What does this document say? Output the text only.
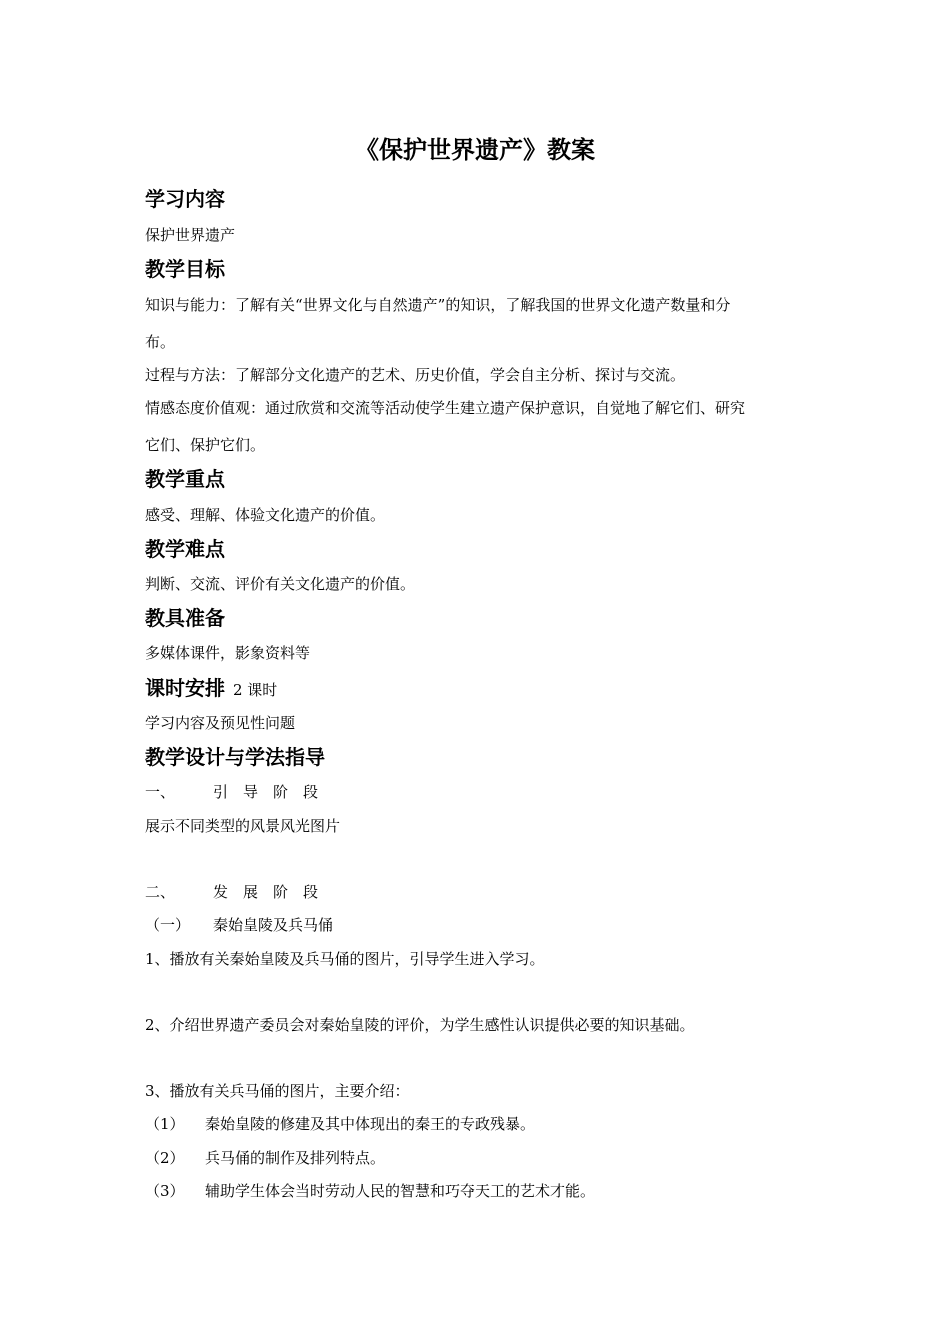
《保护世界遗产》教案
学习内容
保护世界遗产
教学目标
知识与能力：了解有关“世界文化与自然遗产”的知识，了解我国的世界文化遗产数量和分
布。
过程与方法：了解部分文化遗产的艺术、历史价值，学会自主分析、探讨与交流。
情感态度价值观：通过欣赏和交流等活动使学生建立遗产保护意识，自觉地了解它们、研究
它们、保护它们。
教学重点
感受、理解、体验文化遗产的价值。
教学难点
判断、交流、评价有关文化遗产的价值。
教具准备
多媒体课件，影象资料等
课时安排 2 课时
学习内容及预见性问题
教学设计与学法指导
一、	引　导　阶　段
展示不同类型的风景风光图片
二、	发　展　阶　段
（一） 秦始皇陵及兵马俑
1、播放有关秦始皇陵及兵马俑的图片，引导学生进入学习。
2、介绍世界遗产委员会对秦始皇陵的评价，为学生感性认识提供必要的知识基础。
3、播放有关兵马俑的图片，主要介绍：
（1） 秦始皇陵的修建及其中体现出的秦王的专政残暴。
（2） 兵马俑的制作及排列特点。
（3） 辅助学生体会当时劳动人民的智慧和巧夺天工的艺术才能。
